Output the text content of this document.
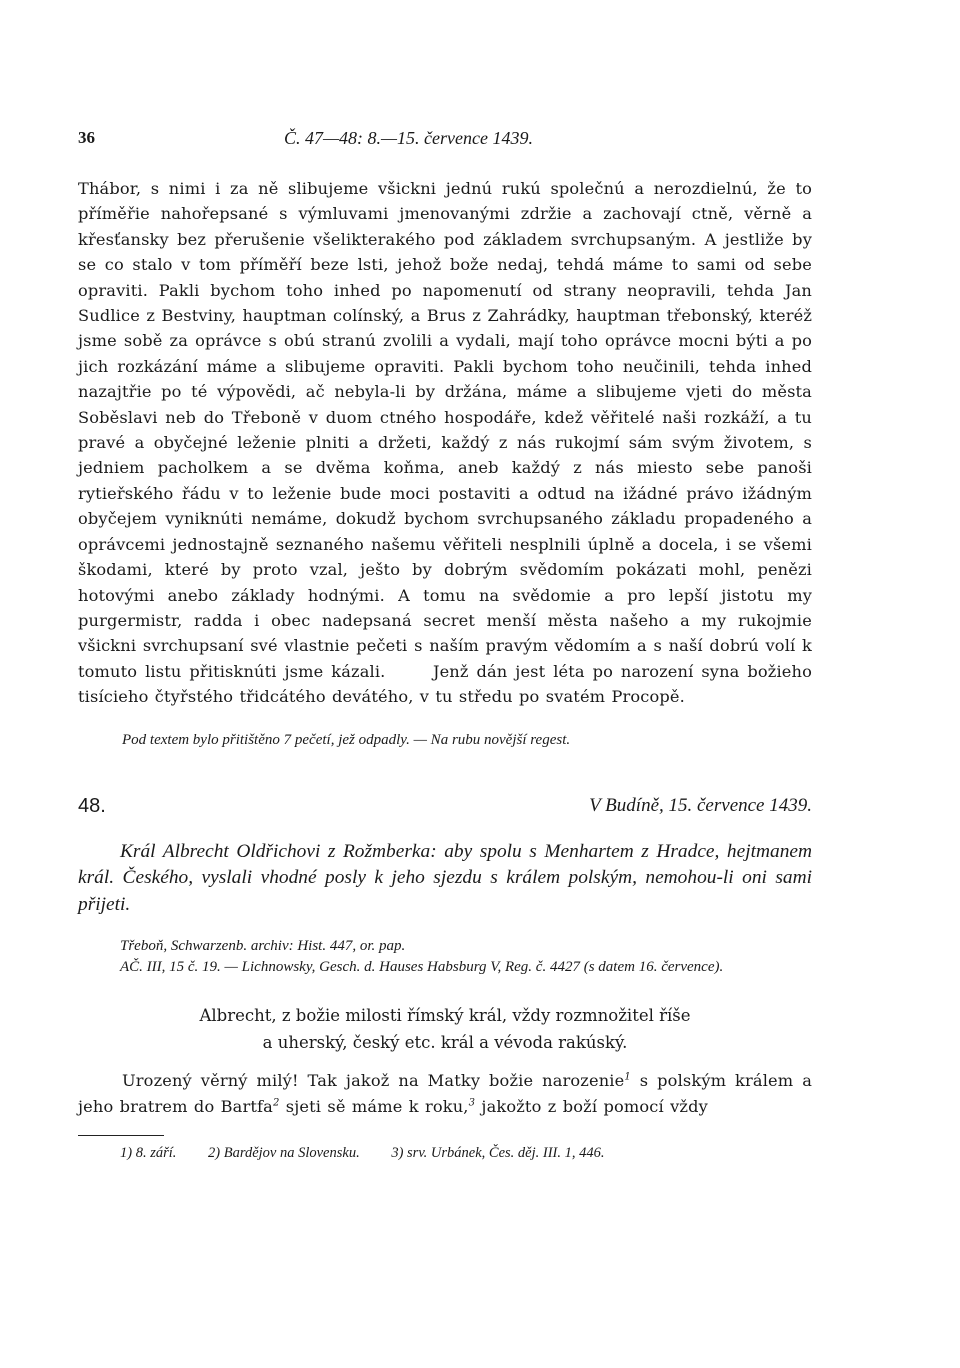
36	Č. 47—48: 8.—15. července 1439.

Thábor, s nimi i za ně slibujeme všickni jednú rukú společnú a nerozdielnú, že to příměřie nahořepsané s výmluvami jmenovanými zdržie a zachovají ctně, věrně a křesťansky bez přerušenie všelikterakého pod základem svrchupsaným. A jestliže by se co stalo v tom příměří beze lsti, jehož bože nedaj, tehdá máme to sami od sebe opraviti. Pakli bychom toho inhed po napomenutí od strany neopravili, tehda Jan Sudlice z Bestviny, hauptman colínský, a Brus z Zahrádky, hauptman třebonský, kteréž jsme sobě za oprávce s obú stranú zvolili a vydali, mají toho oprávce mocni býti a po jich rozkázání máme a slibujeme opraviti. Pakli bychom toho neučinili, tehda inhed nazajtřie po té výpovědi, ač nebyla-li by držána, máme a slibujeme vjeti do města Soběslavi neb do Třeboně v duom ctného hospodáře, kdež věřitelé naši rozkáží, a tu pravé a obyčejné leženie plniti a držeti, každý z nás rukojmí sám svým životem, s jedniem pacholkem a se dvěma koňma, aneb každý z nás miesto sebe panoši rytieřského řádu v to leženie bude moci postaviti a odtud na ižádné právo ižádným obyčejem vyniknúti nemáme, dokudž bychom svrchupsaného základu propadeného a oprávcemi jednostajně seznaného našemu věřiteli nesplnili úplně a docela, i se všemi škodami, které by proto vzal, ješto by dobrým svědomím pokázati mohl, penězi hotovými anebo základy hodnými. A tomu na svědomie a pro lepší jistotu my purgermistr, radda i obec nadepsaná secret menší města našeho a my rukojmie všickni svrchupsaní své vlastnie pečeti s naším pravým vědomím a s naší dobrú volí k tomuto listu přitisknúti jsme kázali.	Jenž dán jest léta po narození syna božieho tisícieho čtyřstého třidcátého devátého, v tu středu po svatém Procopě.

Pod textem bylo přitištěno 7 pečetí, jež odpadly. — Na rubu novější regest.
48.	V Budíně, 15. července 1439.

Král Albrecht Oldřichovi z Rožmberka: aby spolu s Menhartem z Hradce, hejtmanem král. Českého, vyslali vhodné posly k jeho sjezdu s králem polským, nemohou-li oni sami přijeti.

Třeboň, Schwarzenb. archiv: Hist. 447, or. pap.
AČ. III, 15 č. 19. — Lichnowsky, Gesch. d. Hauses Habsburg V, Reg. č. 4427 (s datem 16. července).
Albrecht, z božie milosti římský král, vždy rozmnožitel říše
a uherský, český etc. král a vévoda rakúský.

Urozený věrný milý! Tak jakož na Matky božie narozenie$^1$ s polským králem a jeho bratrem do Bartfa$^2$ sjeti sě máme k roku,$^3$ jakožto z boží pomocí vždy

1) 8. září. 2) Bardějov na Slovensku. 3) srv. Urbánek, Čes. děj. III. 1, 446.
